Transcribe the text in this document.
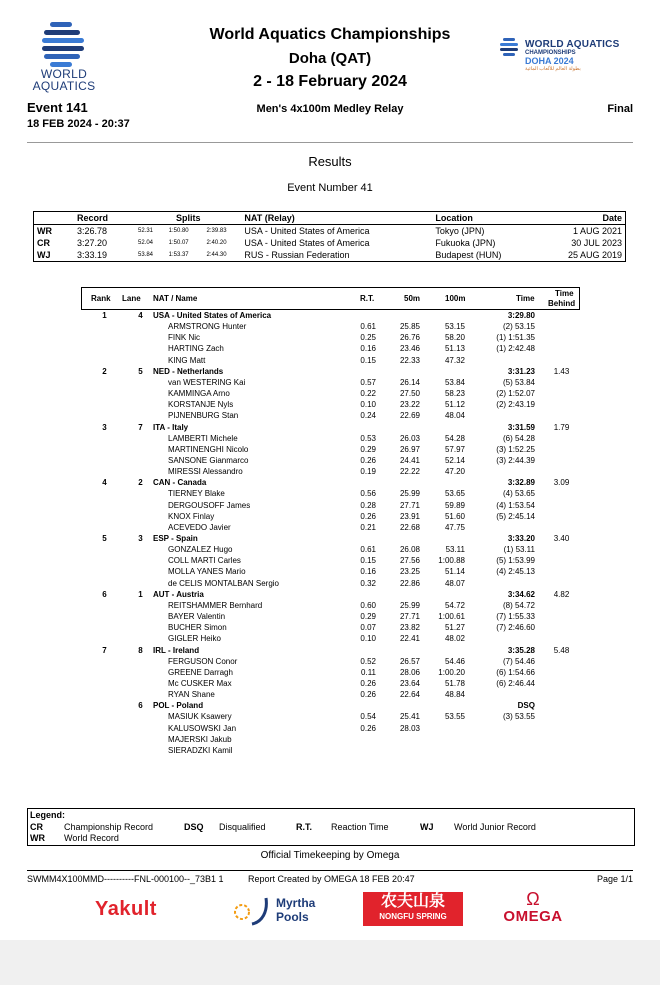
WORLD
AQUATICS
World Aquatics Championships
Doha (QAT)
2 - 18 February 2024
WORLD AQUATICS
CHAMPIONSHIPS
DOHA 2024
بطولة العالم للألعاب المائية
Event 141
18 FEB 2024 - 20:37
Men's 4x100m Medley Relay	Final
Results
Event Number 41
	Record	Splits			NAT (Relay)	Location	Date
WR	3:26.78	52.31	1:50.80	2:39.83	USA - United States of America	Tokyo (JPN)	1 AUG 2021
CR	3:27.20	52.04	1:50.07	2:40.20	USA - United States of America	Fukuoka (JPN)	30 JUL 2023
WJ	3:33.19	53.84	1:53.37	2:44.30	RUS - Russian Federation	Budapest (HUN)	25 AUG 2019
Rank Lane NAT / Name	R.T.	50m	100m	Time
Time
Behind
1	4	USA - United States of America	3:29.80
ARMSTRONG Hunter	0.61	25.85	53.15	(2) 53.15
FINK Nic	0.25	26.76	58.20	(1) 1:51.35
HARTING Zach	0.16	23.46	51.13	(1) 2:42.48
KING Matt	0.15	22.33	47.32
2	5	NED - Netherlands	3:31.23	1.43
van WESTERING Kai	0.57	26.14	53.84	(5) 53.84
KAMMINGA Arno	0.22	27.50	58.23	(2) 1:52.07
KORSTANJE Nyls	0.10	23.22	51.12	(2) 2:43.19
PIJNENBURG Stan	0.24	22.69	48.04
3	7	ITA - Italy	3:31.59	1.79
LAMBERTI Michele	0.53	26.03	54.28	(6) 54.28
MARTINENGHI Nicolo	0.29	26.97	57.97	(3) 1:52.25
SANSONE Gianmarco	0.26	24.41	52.14	(3) 2:44.39
MIRESSI Alessandro	0.19	22.22	47.20
4	2	CAN - Canada	3:32.89	3.09
TIERNEY Blake	0.56	25.99	53.65	(4) 53.65
DERGOUSOFF James	0.28	27.71	59.89	(4) 1:53.54
KNOX Finlay	0.26	23.91	51.60	(5) 2:45.14
ACEVEDO Javier	0.21	22.68	47.75
5	3	ESP - Spain	3:33.20	3.40
GONZALEZ Hugo	0.61	26.08	53.11	(1) 53.11
COLL MARTI Carles	0.15	27.56 1:00.88	(5) 1:53.99
MOLLA YANES Mario	0.16	23.25	51.14	(4) 2:45.13
de CELIS MONTALBAN Sergio	0.32	22.86	48.07
6	1	AUT - Austria	3:34.62	4.82
REITSHAMMER Bernhard	0.60	25.99	54.72	(8) 54.72
BAYER Valentin	0.29	27.71 1:00.61	(7) 1:55.33
BUCHER Simon	0.07	23.82	51.27	(7) 2:46.60
GIGLER Heiko	0.10	22.41	48.02
7	8	IRL - Ireland	3:35.28	5.48
FERGUSON Conor	0.52	26.57	54.46	(7) 54.46
GREENE Darragh	0.11	28.06 1:00.20	(6) 1:54.66
Mc CUSKER Max	0.26	23.64	51.78	(6) 2:46.44
RYAN Shane	0.26	22.64	48.84
6	POL - Poland	DSQ
MASIUK Ksawery	0.54	25.41	53.55	(3) 53.55
KALUSOWSKI Jan	0.26	28.03
MAJERSKI Jakub
SIERADZKI Kamil
Legend:
CR Championship Record	DSQ Disqualified	R.T. Reaction Time	WJ World Junior Record
WR World Record
Official Timekeeping by Omega
SWMM4X100MMD----------FNL-000100--_73B1 1	Report Created by OMEGA 18 FEB 20:47	Page 1/1
Yakult	Myrtha
Pools
农夫山泉
NONGFU SPRING
Ω
OMEGA
